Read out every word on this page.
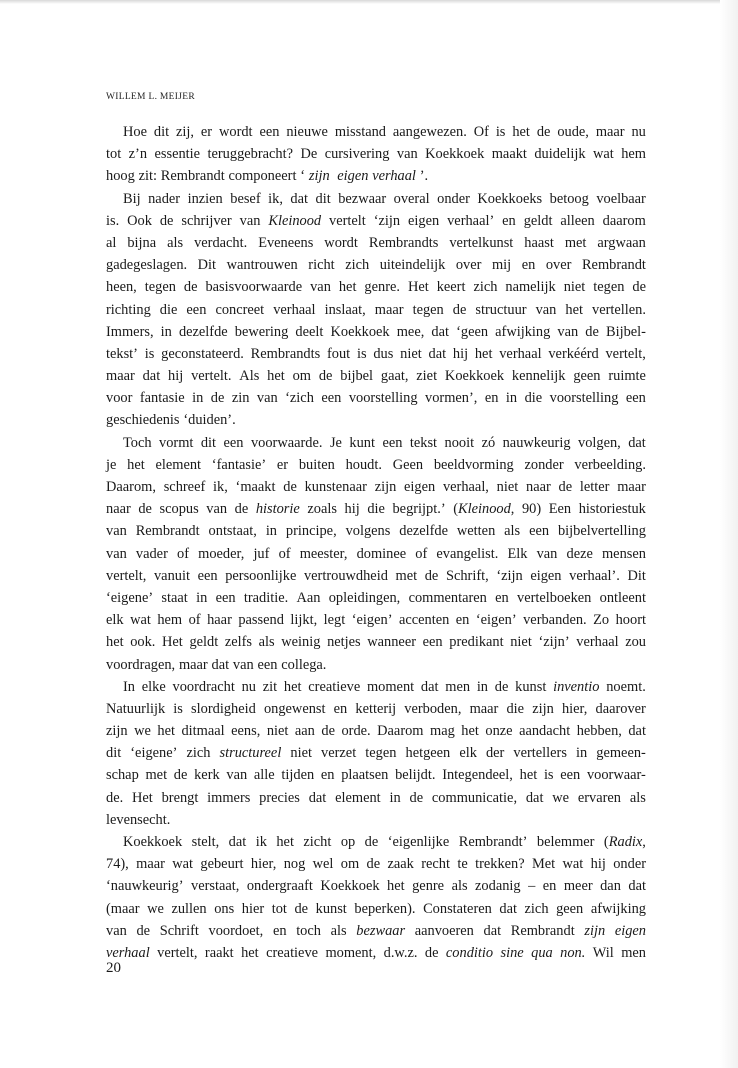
WILLEM L. MEIJER
Hoe dit zij, er wordt een nieuwe misstand aangewezen. Of is het de oude, maar nu
tot z’n essentie teruggebracht? De cursivering van Koekkoek maakt duidelijk wat hem
hoog zit: Rembrandt componeert ‘ zijn eigen verhaal ’.
Bij nader inzien besef ik, dat dit bezwaar overal onder Koekkoeks betoog voelbaar
is. Ook de schrijver van Kleinood vertelt ‘zijn eigen verhaal’ en geldt alleen daarom
al bijna als verdacht. Eveneens wordt Rembrandts vertelkunst haast met argwaan
gadegeslagen. Dit wantrouwen richt zich uiteindelijk over mij en over Rembrandt
heen, tegen de basisvoorwaarde van het genre. Het keert zich namelijk niet tegen de
richting die een concreet verhaal inslaat, maar tegen de structuur van het vertellen.
Immers, in dezelfde bewering deelt Koekkoek mee, dat ‘geen afwijking van de Bijbel-
tekst’ is geconstateerd. Rembrandts fout is dus niet dat hij het verhaal verkéérd vertelt,
maar dat hij vertelt. Als het om de bijbel gaat, ziet Koekkoek kennelijk geen ruimte
voor fantasie in de zin van ‘zich een voorstelling vormen’, en in die voorstelling een
geschiedenis ‘duiden’.
Toch vormt dit een voorwaarde. Je kunt een tekst nooit zó nauwkeurig volgen, dat
je het element ‘fantasie’ er buiten houdt. Geen beeldvorming zonder verbeelding.
Daarom, schreef ik, ‘maakt de kunstenaar zijn eigen verhaal, niet naar de letter maar
naar de scopus van de historie zoals hij die begrijpt.’ (Kleinood, 90) Een historiestuk
van Rembrandt ontstaat, in principe, volgens dezelfde wetten als een bijbelvertelling
van vader of moeder, juf of meester, dominee of evangelist. Elk van deze mensen
vertelt, vanuit een persoonlijke vertrouwdheid met de Schrift, ‘zijn eigen verhaal’. Dit
‘eigene’ staat in een traditie. Aan opleidingen, commentaren en vertelboeken ontleent
elk wat hem of haar passend lijkt, legt ‘eigen’ accenten en ‘eigen’ verbanden. Zo hoort
het ook. Het geldt zelfs als weinig netjes wanneer een predikant niet ‘zijn’ verhaal zou
voordragen, maar dat van een collega.
In elke voordracht nu zit het creatieve moment dat men in de kunst inventio noemt.
Natuurlijk is slordigheid ongewenst en ketterij verboden, maar die zijn hier, daarover
zijn we het ditmaal eens, niet aan de orde. Daarom mag het onze aandacht hebben, dat
dit ‘eigene’ zich structureel niet verzet tegen hetgeen elk der vertellers in gemeen-
schap met de kerk van alle tijden en plaatsen belijdt. Integendeel, het is een voorwaar-
de. Het brengt immers precies dat element in de communicatie, dat we ervaren als
levensecht.
Koekkoek stelt, dat ik het zicht op de ‘eigenlijke Rembrandt’ belemmer (Radix,
74), maar wat gebeurt hier, nog wel om de zaak recht te trekken? Met wat hij onder
‘nauwkeurig’ verstaat, ondergraaft Koekkoek het genre als zodanig – en meer dan dat
(maar we zullen ons hier tot de kunst beperken). Constateren dat zich geen afwijking
van de Schrift voordoet, en toch als bezwaar aanvoeren dat Rembrandt zijn eigen
verhaal vertelt, raakt het creatieve moment, d.w.z. de conditio sine qua non. Wil men
20
